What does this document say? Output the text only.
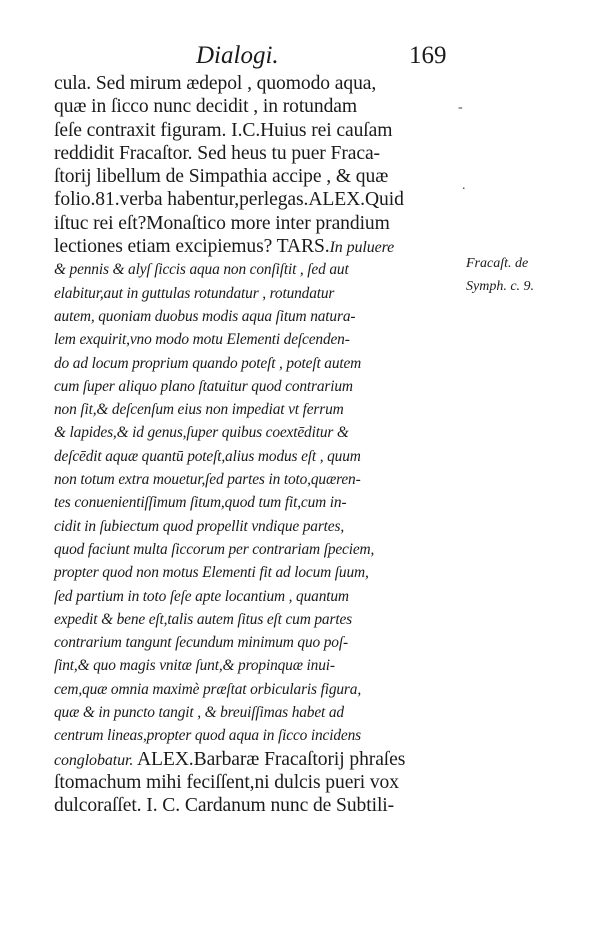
Dialogi.	169
cula. Sed mirum ædepol , quomodo aqua,
quæ in ſicco nunc decidit , in rotundam
ſeſe contraxit figuram. I.C.Huius rei cauſam
reddidit Fracaſtor. Sed heus tu puer Fraca-
ſtorij libellum de Simpathia accipe , & quæ
folio.81.verba habentur,perlegas.ALEX.Quid
iſtuc rei eſt?Monaſtico more inter prandium
lectiones etiam excipiemus? TARS.In puluere
& pennis & alyſ ſiccis aqua non conſiſtit , ſed aut
elabitur,aut in guttulas rotundatur , rotundatur
autem, quoniam duobus modis aqua ſitum natura-
lem exquirit,vno modo motu Elementi deſcenden-
do ad locum proprium quando poteſt , poteſt autem
cum ſuper aliquo plano ſtatuitur quod contrarium
non ſit,& deſcenſum eius non impediat vt ferrum
& lapides,& id genus,ſuper quibus coextēditur &
deſcēdit aquæ quantū poteſt,alius modus eſt , quum
non totum extra mouetur,ſed partes in toto,quæren-
tes conuenientiſſimum ſitum,quod tum fit,cum in-
cidit in ſubiectum quod propellit vndique partes,
quod faciunt multa ſiccorum per contrariam ſpeciem,
propter quod non motus Elementi fit ad locum ſuum,
ſed partium in toto ſeſe apte locantium , quantum
expedit & bene eſt,talis autem ſitus eſt cum partes
contrarium tangunt ſecundum minimum quo poſ-
ſint,& quo magis vnitæ ſunt,& propinquæ inui-
cem,quæ omnia maximè præſtat orbicularis figura,
quæ & in puncto tangit , & breuiſſimas habet ad
centrum lineas,propter quod aqua in ſicco incidens
conglobatur. ALEX.Barbaræ Fracaſtorij phraſes
ſtomachum mihi feciſſent,ni dulcis pueri vox
dulcoraſſet. I. C. Cardanum nunc de Subtili-
Fracaſt. de
Symph. c. 9.
-
.
